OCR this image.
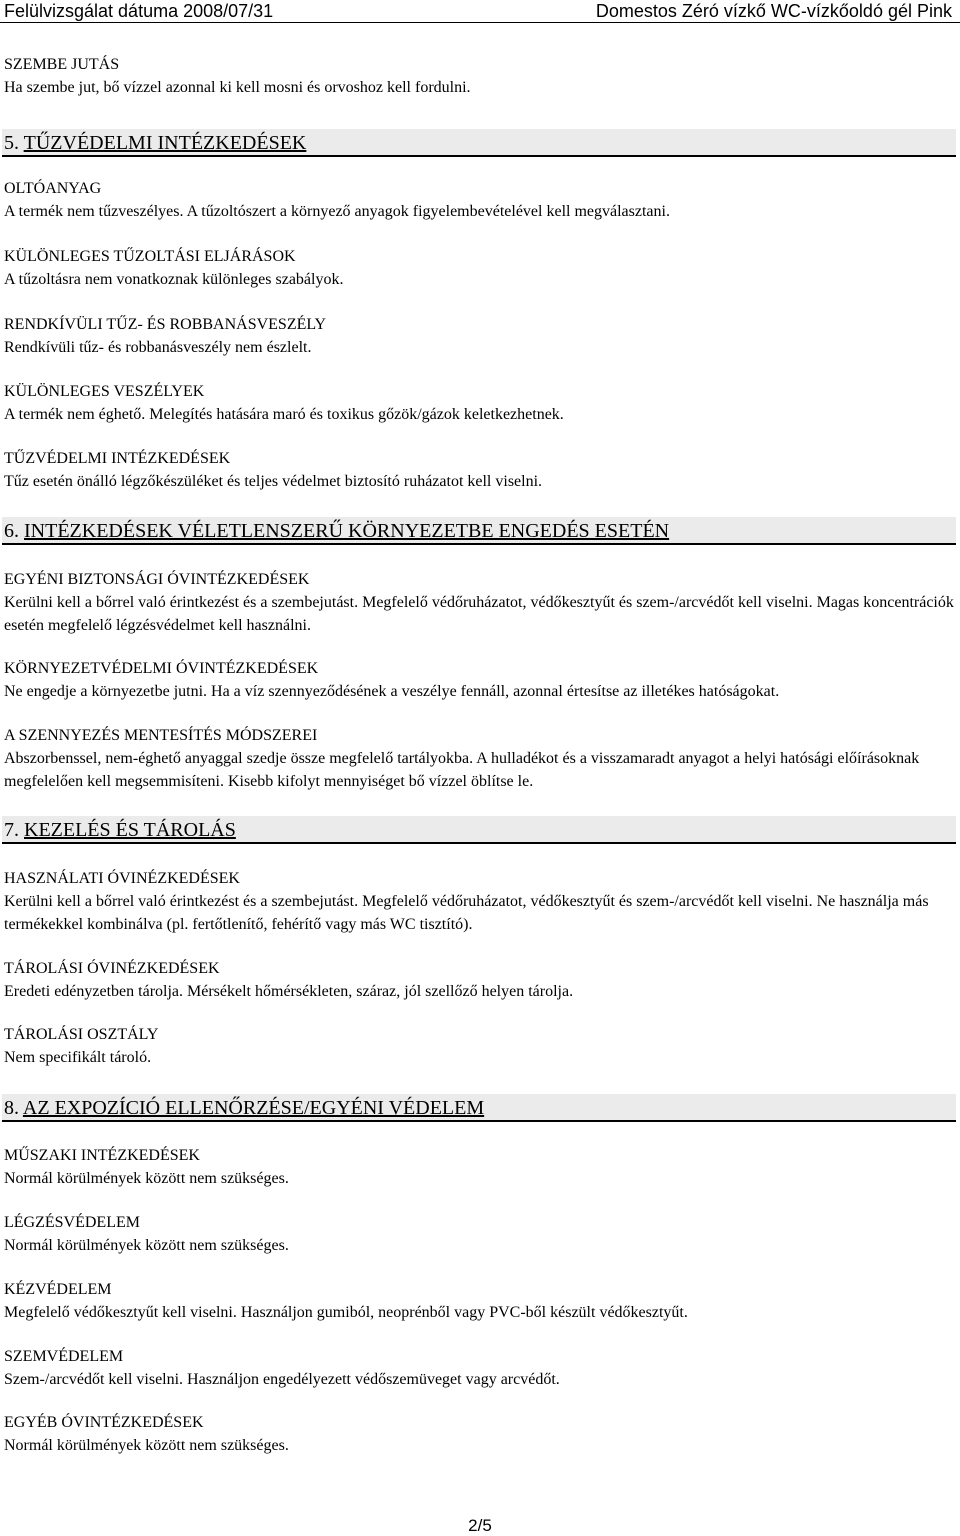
Felülvizsgálat dátuma 2008/07/31	Domestos Zéró vízkő WC-vízkőoldó gél Pink
SZEMBE JUTÁS
Ha szembe jut, bő vízzel azonnal ki kell mosni és orvoshoz kell fordulni.
5. TŰZVÉDELMI INTÉZKEDÉSEK
OLTÓANYAG
A termék nem tűzveszélyes. A tűzoltószert a környező anyagok figyelembevételével kell megválasztani.
KÜLÖNLEGES TŰZOLTÁSI ELJÁRÁSOK
A tűzoltásra nem vonatkoznak különleges szabályok.
RENDKÍVÜLI TŰZ- ÉS ROBBANÁSVESZÉLY
Rendkívüli tűz- és robbanásveszély nem észlelt.
KÜLÖNLEGES VESZÉLYEK
A termék nem éghető. Melegítés hatására maró és toxikus gőzök/gázok keletkezhetnek.
TŰZVÉDELMI INTÉZKEDÉSEK
Tűz esetén önálló légzőkészüléket és teljes védelmet biztosító ruházatot kell viselni.
6. INTÉZKEDÉSEK VÉLETLENSZERŰ KÖRNYEZETBE ENGEDÉS ESETÉN
EGYÉNI BIZTONSÁGI ÓVINTÉZKEDÉSEK
Kerülni kell a bőrrel való érintkezést és a szembejutást. Megfelelő védőruházatot, védőkesztyűt és szem-/arcvédőt kell viselni. Magas koncentrációk esetén megfelelő légzésvédelmet kell használni.
KÖRNYEZETVÉDELMI ÓVINTÉZKEDÉSEK
Ne engedje a környezetbe jutni. Ha a víz szennyeződésének a veszélye fennáll, azonnal értesítse az illetékes hatóságokat.
A SZENNYEZÉS MENTESÍTÉS MÓDSZEREI
Abszorbenssel, nem-éghető anyaggal szedje össze megfelelő tartályokba. A hulladékot és a visszamaradt anyagot a helyi hatósági előírásoknak megfelelően kell megsemmisíteni. Kisebb kifolyt mennyiséget bő vízzel öblítse le.
7. KEZELÉS ÉS TÁROLÁS
HASZNÁLATI ÓVINÉZKEDÉSEK
Kerülni kell a bőrrel való érintkezést és a szembejutást. Megfelelő védőruházatot, védőkesztyűt és szem-/arcvédőt kell viselni. Ne használja más termékekkel kombinálva (pl. fertőtlenítő, fehérítő vagy más WC tisztító).
TÁROLÁSI ÓVINÉZKEDÉSEK
Eredeti edényzetben tárolja. Mérsékelt hőmérsékleten, száraz, jól szellőző helyen tárolja.
TÁROLÁSI OSZTÁLY
Nem specifikált tároló.
8. AZ EXPOZÍCIÓ ELLENŐRZÉSE/EGYÉNI VÉDELEM
MŰSZAKI INTÉZKEDÉSEK
Normál körülmények között nem szükséges.
LÉGZÉSVÉDELEM
Normál körülmények között nem szükséges.
KÉZVÉDELEM
Megfelelő védőkesztyűt kell viselni. Használjon gumiból, neoprénből vagy PVC-ből készült védőkesztyűt.
SZEMVÉDELEM
Szem-/arcvédőt kell viselni. Használjon engedélyezett védőszemüveget vagy arcvédőt.
EGYÉB ÓVINTÉZKEDÉSEK
Normál körülmények között nem szükséges.
2/5
